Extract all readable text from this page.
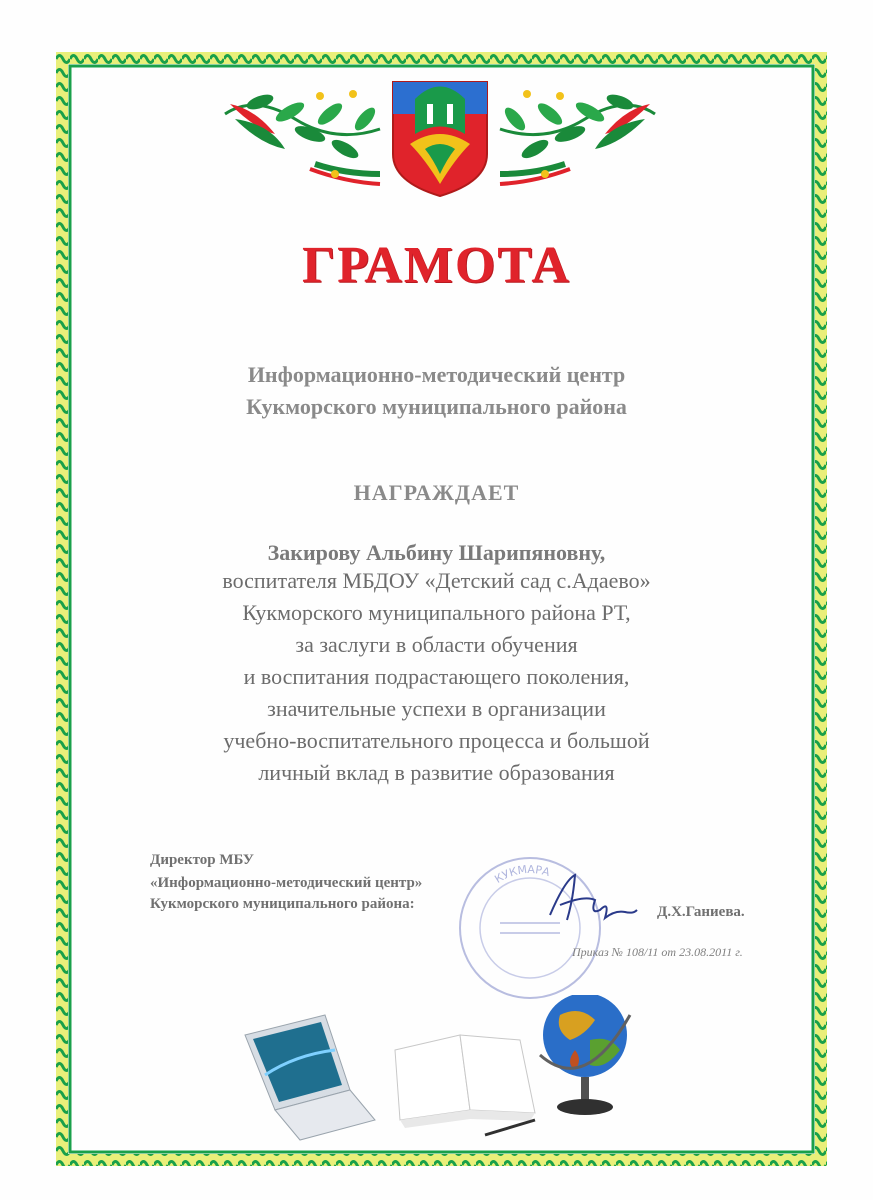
ГРАМОТА
Информационно-методический центр
Кукморского муниципального района
НАГРАЖДАЕТ
Закирову Альбину Шарипяновну,
воспитателя МБДОУ «Детский сад с.Адаево»
Кукморского муниципального района РТ,
за заслуги в области обучения
и воспитания подрастающего поколения,
значительные успехи в организации
учебно-воспитательного процесса и большой
личный вклад в развитие образования
КУКМАРА
Директор МБУ
«Информационно-методический центр»
Кукморского муниципального района:	Д.Х.Ганиева.
Приказ № 108/11 от 23.08.2011 г.
